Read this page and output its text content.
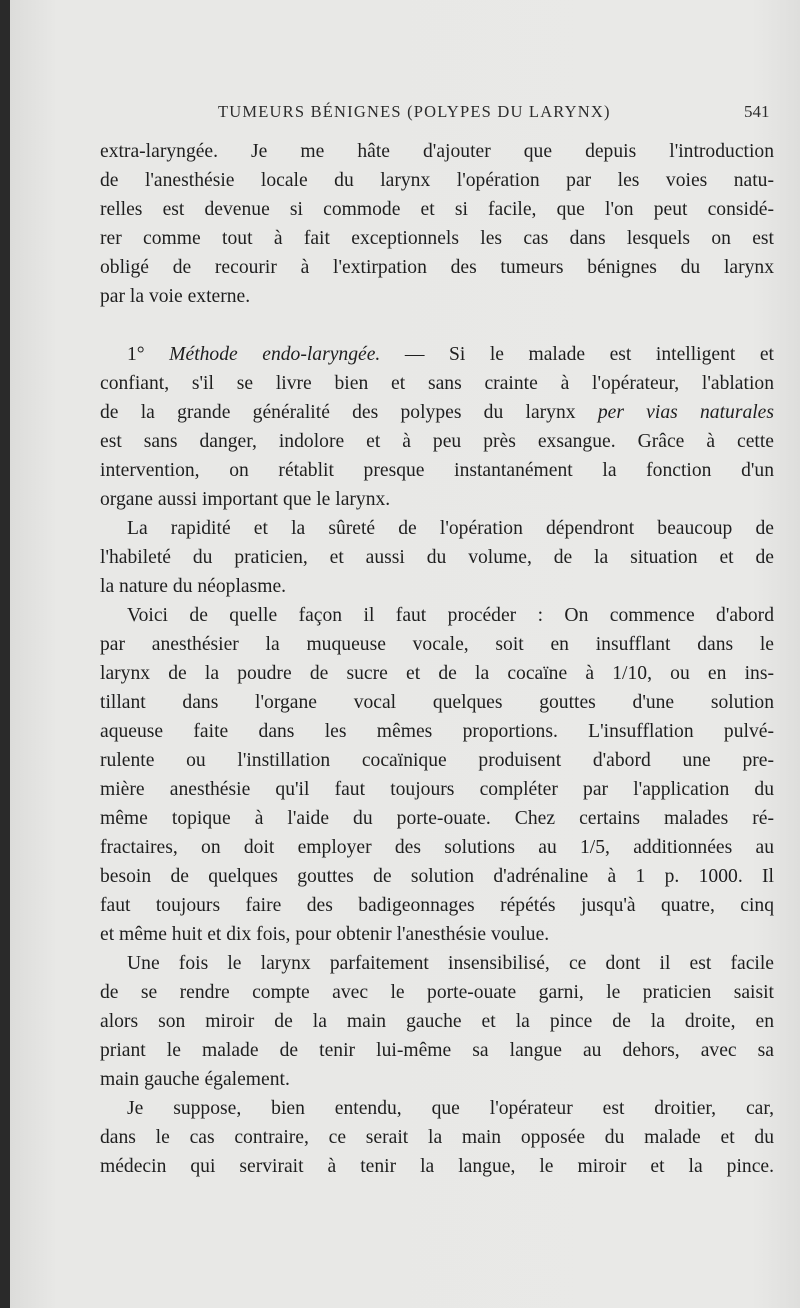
TUMEURS BÉNIGNES (POLYPES DU LARYNX)	541
extra-laryngée. Je me hâte d'ajouter que depuis l'introduction
de l'anesthésie locale du larynx l'opération par les voies natu-
relles est devenue si commode et si facile, que l'on peut considé-
rer comme tout à fait exceptionnels les cas dans lesquels on est
obligé de recourir à l'extirpation des tumeurs bénignes du larynx
par la voie externe.
1° Méthode endo-laryngée. — Si le malade est intelligent et
confiant, s'il se livre bien et sans crainte à l'opérateur, l'ablation
de la grande généralité des polypes du larynx per vias naturales
est sans danger, indolore et à peu près exsangue. Grâce à cette
intervention, on rétablit presque instantanément la fonction d'un
organe aussi important que le larynx.
La rapidité et la sûreté de l'opération dépendront beaucoup de
l'habileté du praticien, et aussi du volume, de la situation et de
la nature du néoplasme.
Voici de quelle façon il faut procéder : On commence d'abord
par anesthésier la muqueuse vocale, soit en insufflant dans le
larynx de la poudre de sucre et de la cocaïne à 1/10, ou en ins-
tillant dans l'organe vocal quelques gouttes d'une solution
aqueuse faite dans les mêmes proportions. L'insufflation pulvé-
rulente ou l'instillation cocaïnique produisent d'abord une pre-
mière anesthésie qu'il faut toujours compléter par l'application du
même topique à l'aide du porte-ouate. Chez certains malades ré-
fractaires, on doit employer des solutions au 1/5, additionnées au
besoin de quelques gouttes de solution d'adrénaline à 1 p. 1000. Il
faut toujours faire des badigeonnages répétés jusqu'à quatre, cinq
et même huit et dix fois, pour obtenir l'anesthésie voulue.
Une fois le larynx parfaitement insensibilisé, ce dont il est facile
de se rendre compte avec le porte-ouate garni, le praticien saisit
alors son miroir de la main gauche et la pince de la droite, en
priant le malade de tenir lui-même sa langue au dehors, avec sa
main gauche également.
Je suppose, bien entendu, que l'opérateur est droitier, car,
dans le cas contraire, ce serait la main opposée du malade et du
médecin qui servirait à tenir la langue, le miroir et la pince.
